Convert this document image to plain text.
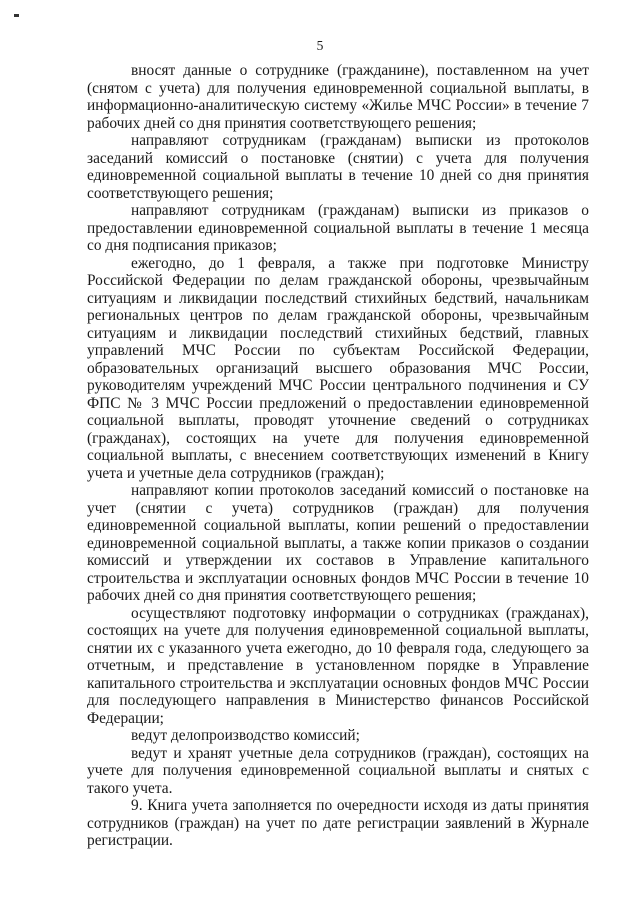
5

вносят данные о сотруднике (гражданине), поставленном на учет (снятом с учета) для получения единовременной социальной выплаты, в информационно-аналитическую систему «Жилье МЧС России» в течение 7 рабочих дней со дня принятия соответствующего решения;

направляют сотрудникам (гражданам) выписки из протоколов заседаний комиссий о постановке (снятии) с учета для получения единовременной социальной выплаты в течение 10 дней со дня принятия соответствующего решения;

направляют сотрудникам (гражданам) выписки из приказов о предоставлении единовременной социальной выплаты в течение 1 месяца со дня подписания приказов;

ежегодно, до 1 февраля, а также при подготовке Министру Российской Федерации по делам гражданской обороны, чрезвычайным ситуациям и ликвидации последствий стихийных бедствий, начальникам региональных центров по делам гражданской обороны, чрезвычайным ситуациям и ликвидации последствий стихийных бедствий, главных управлений МЧС России по субъектам Российской Федерации, образовательных организаций высшего образования МЧС России, руководителям учреждений МЧС России центрального подчинения и СУ ФПС № 3 МЧС России предложений о предоставлении единовременной социальной выплаты, проводят уточнение сведений о сотрудниках (гражданах), состоящих на учете для получения единовременной социальной выплаты, с внесением соответствующих изменений в Книгу учета и учетные дела сотрудников (граждан);

направляют копии протоколов заседаний комиссий о постановке на учет (снятии с учета) сотрудников (граждан) для получения единовременной социальной выплаты, копии решений о предоставлении единовременной социальной выплаты, а также копии приказов о создании комиссий и утверждении их составов в Управление капитального строительства и эксплуатации основных фондов МЧС России в течение 10 рабочих дней со дня принятия соответствующего решения;

осуществляют подготовку информации о сотрудниках (гражданах), состоящих на учете для получения единовременной социальной выплаты, снятии их с указанного учета ежегодно, до 10 февраля года, следующего за отчетным, и представление в установленном порядке в Управление капитального строительства и эксплуатации основных фондов МЧС России для последующего направления в Министерство финансов Российской Федерации;

ведут делопроизводство комиссий;

ведут и хранят учетные дела сотрудников (граждан), состоящих на учете для получения единовременной социальной выплаты и снятых с такого учета.

9. Книга учета заполняется по очередности исходя из даты принятия сотрудников (граждан) на учет по дате регистрации заявлений в Журнале регистрации.
